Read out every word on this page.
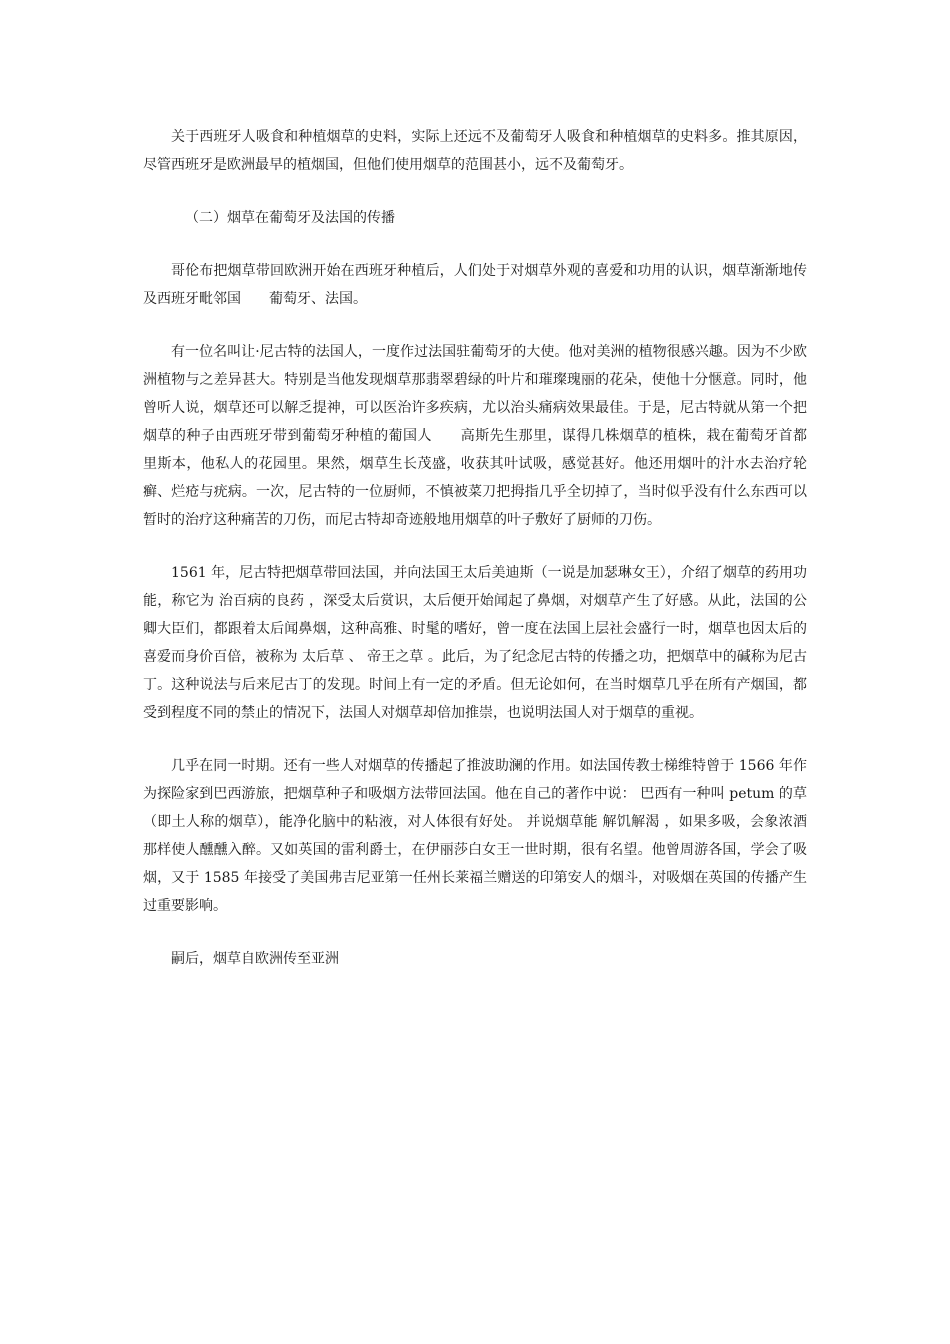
关于西班牙人吸食和种植烟草的史料，实际上还远不及葡萄牙人吸食和种植烟草的史料多。推其原因，尽管西班牙是欧洲最早的植烟国，但他们使用烟草的范围甚小，远不及葡萄牙。

（二）烟草在葡萄牙及法国的传播

哥伦布把烟草带回欧洲开始在西班牙种植后，人们处于对烟草外观的喜爱和功用的认识，烟草渐渐地传及西班牙毗邻国　　葡萄牙、法国。

有一位名叫让·尼古特的法国人，一度作过法国驻葡萄牙的大使。他对美洲的植物很感兴趣。因为不少欧洲植物与之差异甚大。特别是当他发现烟草那翡翠碧绿的叶片和璀璨瑰丽的花朵，使他十分惬意。同时，他曾听人说，烟草还可以解乏提神，可以医治许多疾病，尤以治头痛病效果最佳。于是，尼古特就从第一个把烟草的种子由西班牙带到葡萄牙种植的葡国人　　高斯先生那里，谋得几株烟草的植株，栽在葡萄牙首都　　里斯本，他私人的花园里。果然，烟草生长茂盛，收获其叶试吸，感觉甚好。他还用烟叶的汁水去治疗轮癣、烂疮与疣病。一次，尼古特的一位厨师，不慎被菜刀把拇指几乎全切掉了，当时似乎没有什么东西可以暂时的治疗这种痛苦的刀伤，而尼古特却奇迹般地用烟草的叶子敷好了厨师的刀伤。

1561 年，尼古特把烟草带回法国，并向法国王太后美迪斯（一说是加瑟琳女王），介绍了烟草的药用功能，称它为 治百病的良药 ，深受太后赏识，太后便开始闻起了鼻烟，对烟草产生了好感。从此，法国的公卿大臣们，都跟着太后闻鼻烟，这种高雅、时髦的嗜好，曾一度在法国上层社会盛行一时，烟草也因太后的喜爱而身价百倍，被称为 太后草 、 帝王之草 。此后，为了纪念尼古特的传播之功，把烟草中的碱称为尼古丁。这种说法与后来尼古丁的发现。时间上有一定的矛盾。但无论如何，在当时烟草几乎在所有产烟国，都受到程度不同的禁止的情况下，法国人对烟草却倍加推崇，也说明法国人对于烟草的重视。

几乎在同一时期。还有一些人对烟草的传播起了推波助澜的作用。如法国传教士梯维特曾于 1566 年作为探险家到巴西游旅，把烟草种子和吸烟方法带回法国。他在自己的著作中说： 巴西有一种叫 petum 的草（即土人称的烟草），能净化脑中的粘液，对人体很有好处。 并说烟草能 解饥解渴 ，如果多吸，会象浓酒那样使人醺醺入醉。又如英国的雷利爵士，在伊丽莎白女王一世时期，很有名望。他曾周游各国，学会了吸烟，又于 1585 年接受了美国弗吉尼亚第一任州长莱福兰赠送的印第安人的烟斗，对吸烟在英国的传播产生过重要影响。

嗣后，烟草自欧洲传至亚洲
